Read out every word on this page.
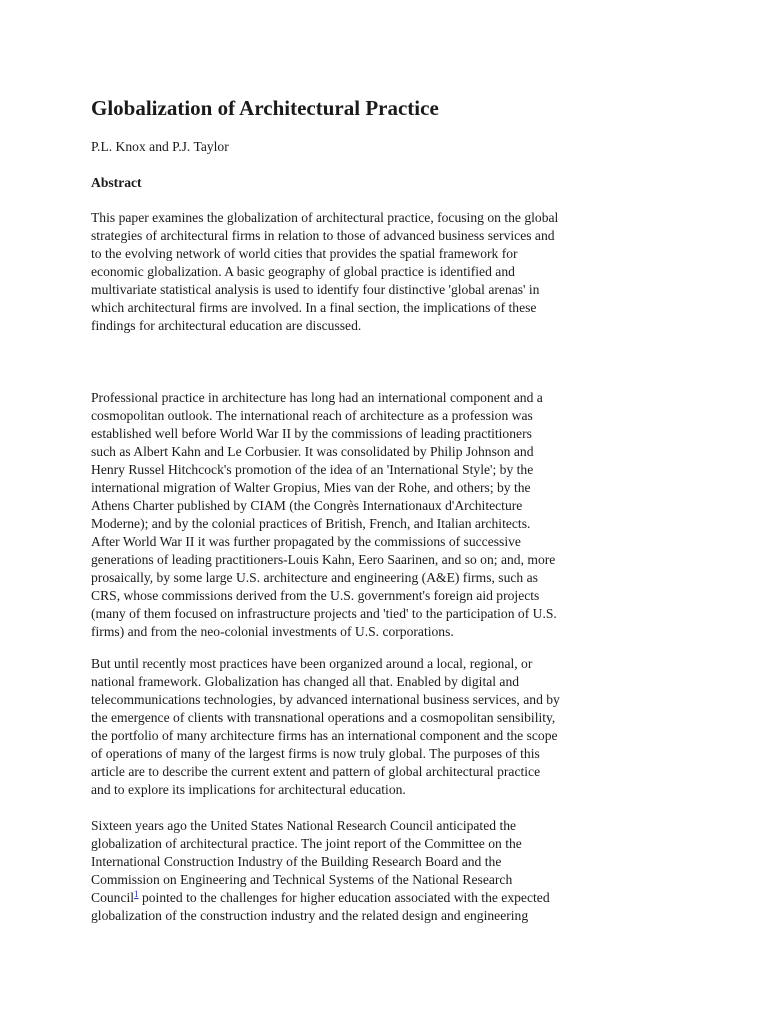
Globalization of Architectural Practice

P.L. Knox and P.J. Taylor

Abstract
This paper examines the globalization of architectural practice, focusing on the global
strategies of architectural firms in relation to those of advanced business services and
to the evolving network of world cities that provides the spatial framework for
economic globalization. A basic geography of global practice is identified and
multivariate statistical analysis is used to identify four distinctive 'global arenas' in
which architectural firms are involved. In a final section, the implications of these
findings for architectural education are discussed.
Professional practice in architecture has long had an international component and a
cosmopolitan outlook. The international reach of architecture as a profession was
established well before World War II by the commissions of leading practitioners
such as Albert Kahn and Le Corbusier. It was consolidated by Philip Johnson and
Henry Russel Hitchcock's promotion of the idea of an 'International Style'; by the
international migration of Walter Gropius, Mies van der Rohe, and others; by the
Athens Charter published by CIAM (the Congrès Internationaux d'Architecture
Moderne); and by the colonial practices of British, French, and Italian architects.
After World War II it was further propagated by the commissions of successive
generations of leading practitioners-Louis Kahn, Eero Saarinen, and so on; and, more
prosaically, by some large U.S. architecture and engineering (A&E) firms, such as
CRS, whose commissions derived from the U.S. government's foreign aid projects
(many of them focused on infrastructure projects and 'tied' to the participation of U.S.
firms) and from the neo-colonial investments of U.S. corporations.
But until recently most practices have been organized around a local, regional, or
national framework. Globalization has changed all that. Enabled by digital and
telecommunications technologies, by advanced international business services, and by
the emergence of clients with transnational operations and a cosmopolitan sensibility,
the portfolio of many architecture firms has an international component and the scope
of operations of many of the largest firms is now truly global. The purposes of this
article are to describe the current extent and pattern of global architectural practice
and to explore its implications for architectural education.
Sixteen years ago the United States National Research Council anticipated the
globalization of architectural practice. The joint report of the Committee on the
International Construction Industry of the Building Research Board and the
Commission on Engineering and Technical Systems of the National Research
Council$^1$ pointed to the challenges for higher education associated with the expected
globalization of the construction industry and the related design and engineering
